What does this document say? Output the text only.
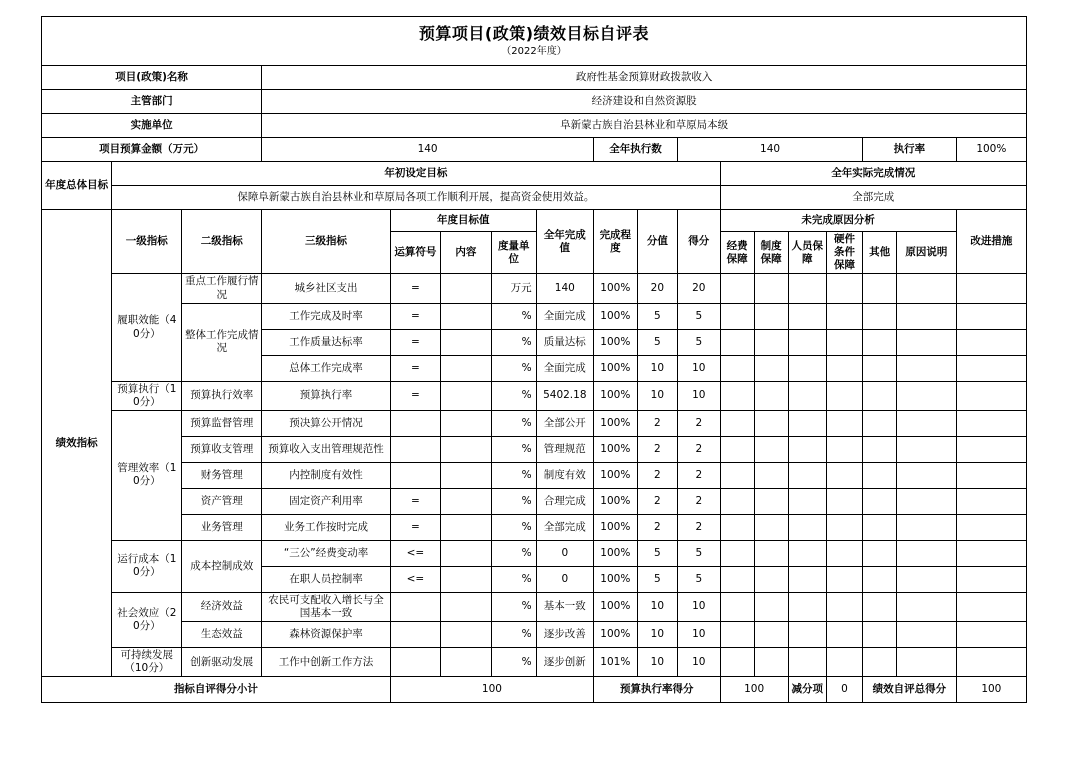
预算项目(政策)绩效目标自评表
（2022年度）																	

项目(政策)名称			政府性基金预算财政拨款收入														
主管部门			经济建设和自然资源股														
实施单位			阜新蒙古族自治县林业和草原局本级														
项目预算金额（万元）			140					全年执行数		140					执行率		100%
年度总体目标	年初设定目标										全年实际完成情况						
	保障阜新蒙古族自治县林业和草原局各项工作顺利开展，提高资金使用效益。										全部完成						
绩效指标	一级指标	二级指标	三级指标	年度目标值			全年完成值	完成程度	分值	得分	未完成原因分析						改进措施
				运算符号	内容	度量单位					经费保障	制度保障	人员保障	硬件条件保障	其他	原因说明	
	履职效能（40分）	重点工作履行情况	城乡社区支出	=		万元	140	100%	20	20							
		整体工作完成情况	工作完成及时率	=		%	全面完成	100%	5	5							
			工作质量达标率	=		%	质量达标	100%	5	5							
			总体工作完成率	=		%	全面完成	100%	10	10							
	预算执行（10分）	预算执行效率	预算执行率	=		%	5402.18	100%	10	10							
	管理效率（10分）	预算监督管理	预决算公开情况			%	全部公开	100%	2	2							
		预算收支管理	预算收入支出管理规范性			%	管理规范	100%	2	2							
		财务管理	内控制度有效性			%	制度有效	100%	2	2							
		资产管理	固定资产利用率	=		%	合理完成	100%	2	2							
		业务管理	业务工作按时完成	=		%	全部完成	100%	2	2							
	运行成本（10分）	成本控制成效	“三公”经费变动率	<=		%	0	100%	5	5							
			在职人员控制率	<=		%	0	100%	5	5							
	社会效应（20分）	经济效益	农民可支配收入增长与全国基本一致			%	基本一致	100%	10	10							
		生态效益	森林资源保护率			%	逐步改善	100%	10	10							
	可持续发展（10分）	创新驱动发展	工作中创新工作方法			%	逐步创新	101%	10	10							
指标自评得分小计				100				预算执行率得分			100		减分项	0	绩效自评总得分		100
